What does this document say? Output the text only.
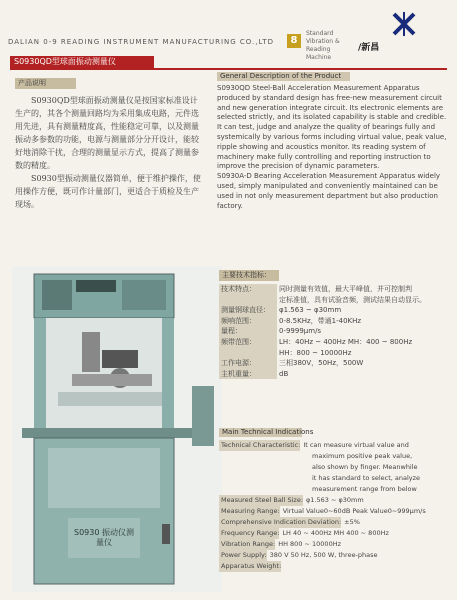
DALIAN 0-9 READING INSTRUMENT MANUFACTURING CO.,LTD	8
Standard Vibration & Reading Machine
/新昌
S0930QD型球面振动测量仪
产品说明

S0930QD型球面振动测量仪是按国家标准设计生产的，其各个测量回路均为采用集成电路，元件选用先进，具有测量精度高，性能稳定可靠，以及测量振动多参数的功能，电源与测量部分分开设计，能较好地消除干扰，合理的测量显示方式，提高了测量参数的精度。

S0930型振动测量仪器简单，便于维护操作，使用操作方便，既可作计量部门，更适合于质检及生产现场。

General Description of the Product

S0930QD Steel-Ball Acceleration Measurement Apparatus produced by standard design has free-new measurement circuit and new generation integrate circuit. Its electronic elements are selected strictly, and its isolated capability is stable and credible. It can test, judge and analyze the quality of bearings fully and systemically by various forms including virtual value, peak value, ripple showing and acoustics monitor. Its reading system of machinery make fully controlling and reporting instruction to improve the precision of dynamic parameters.

S0930A-D Bearing Acceleration Measurement Apparatus widely used, simply manipulated and conveniently maintained can be used in not only measurement department but also production factory.

S0930 振动仪测量仪
主要技术指标：
技术特点：	同时测量有效值，最大平峰值，并可控制判
定标准值，具有试验音频，测试结果自动显示。
测量钢球直径：	φ1.563 ~ φ30mm
频响范围：	0-8.5KHz，带通1-40KHz
量程：	0-9999µm/s
频带范围：	LH：40Hz ~ 400Hz MH：400 ~ 800Hz
HH：800 ~ 10000Hz
工作电源：	三相380V，50Hz，500W
主机重量：	dB
Main Technical Indications
Technical Characteristic: It can measure virtual value and
maximum positive peak value,
also shown by finger. Meanwhile
it has standard to select, analyze
measurement range from below
Measured Steel Ball Size: φ1.563 ~ φ30mm
Measuring Range: Virtual Value0~60dB Peak Value0~999µm/s
Comprehensive Indication Deviation: ±5%
Frequency Range: LH 40 ~ 400Hz MH 400 ~ 800Hz
Vibration Range: HH 800 ~ 10000Hz
Power Supply: 380 V 50 Hz, 500 W, three-phase
Apparatus Weight:
